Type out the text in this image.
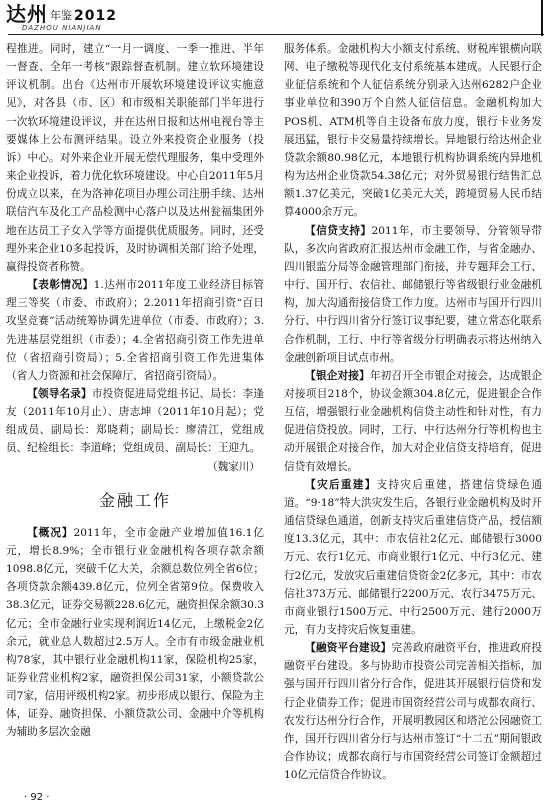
达州 年鉴 2012
DAZHOU NIANJIAN

程推进。同时，建立“一月一调度、一季一推进、半年一督查、全年一考核”跟踪督查机制。建立软环境建设评议机制。出台《达州市开展软环境建设评议实施意见》，对各县（市、区）和市级相关职能部门半年进行一次软环境建设评议，并在达州日报和达州电视台等主要媒体上公布测评结果。设立外来投资企业服务（投诉）中心。对外来企业开展无偿代理服务，集中受理外来企业投诉，着力优化软环境建设。中心自2011年5月份成立以来，在为洛神花项目办理公司注册手续、达州联信汽车及化工产品检测中心落户以及达州瓮福集团外地在达员工子女入学等方面提供优质服务。同时，还受理外来企业10多起投诉，及时协调相关部门给予处理，赢得投资者称赞。

【表彰情况】1.达州市2011年度工业经济目标管理三等奖（市委、市政府）；2.2011年招商引资“百日攻坚竞赛”活动统筹协调先进单位（市委、市政府）；3.先进基层党组织（市委）；4.全省招商引资工作先进单位（省招商引资局）；5.全省招商引资工作先进集体（省人力资源和社会保障厅、省招商引资局）。

【领导名录】市投资促进局党组书记、局长：李逢友（2011年10月止）、唐志坤（2011年10月起）；党组成员、副局长：郑晓莉；副局长：廖清江，党组成员、纪检组长：李道峰；党组成员、副局长：王迎九。

（魏家川）

金融工作

【概况】2011年，全市金融产业增加值16.1亿元，增长8.9%；全市银行业金融机构各项存款余额1098.8亿元，突破千亿大关，余额总数位列全省6位；各项贷款余额439.8亿元，位列全省第9位。保费收入38.3亿元，证券交易额228.6亿元，融资担保余额30.3亿元；全市金融行业实现利润近14亿元，上缴税金2亿余元，就业总人数超过2.5万人。全市有市级金融业机构78家，其中银行业金融机构11家，保险机构25家，证券业营业机构2家，融资担保公司31家，小额贷款公司7家，信用评级机构2家。初步形成以银行、保险为主体，证券、融资担保、小额贷款公司、金融中介等机构为辅助多层次金融

服务体系。金融机构大小额支付系统、财税库银横向联网、电子缴税等现代化支付系统基本建成。人民银行企业征信系统和个人征信系统分别录入达州6282户企业事业单位和390万个自然人征信信息。金融机构加大POS机、ATM机等自主设备布放力度，银行卡业务发展迅猛，银行卡交易量持续增长。异地银行给达州企业贷款余额80.98亿元，本地银行机构协调系统内异地机构为达州企业贷款54.38亿元；对外贸易银行结售汇总额1.37亿美元，突破1亿美元大关，跨境贸易人民币结算4000余万元。

【信贷支持】2011年，市主要领导、分管领导带队，多次向省政府汇报达州市金融工作，与省金融办、四川银监分局等金融管理部门衔接，并专题拜会工行、中行、国开行、农信社、邮储银行等省级银行业金融机构，加大沟通衔接信贷工作力度。达州市与国开行四川分行、中行四川省分行签订议事纪要，建立常态化联系合作机制，工行、中行等省级分行明确表示将达州纳入金融创新项目试点市州。

【银企对接】年初召开全市银企对接会，达成银企对接项目218个，协议金额304.8亿元，促进银企合作互信，增强银行业金融机构信贷主动性和针对性，有力促进信贷投放。同时，工行、中行达州分行等机构也主动开展银企对接合作，加大对企业信贷支持培育，促进信贷有效增长。

【灾后重建】支持灾后重建，搭建信贷绿色通道。“9·18”特大洪灾发生后，各银行业金融机构及时开通信贷绿色通道，创新支持灾后重建信贷产品，授信额度13.3亿元，其中：市农信社2亿元、邮储银行3000万元、农行1亿元、市商业银行1亿元、中行3亿元、建行2亿元，发放灾后重建信贷资金2亿多元，其中：市农信社373万元、邮储银行2200万元、农行3475万元、市商业银行1500万元、中行2500万元、建行2000万元，有力支持灾后恢复重建。

【融资平台建设】完善政府融资平台，推进政府投融资平台建设。多与协助市投资公司完善相关指标，加强与国开行四川省分行合作，促进其开展银行信贷和发行企业债券工作；促进市国资经营公司与成都农商行、农发行达州分行合作，开展明教园区和塔沱公园融资工作，国开行四川省分行与达州市签订“十二五”期间银政合作协议；成都农商行与市国资经营公司签订金额超过10亿元信贷合作协议。

· 92 ·
